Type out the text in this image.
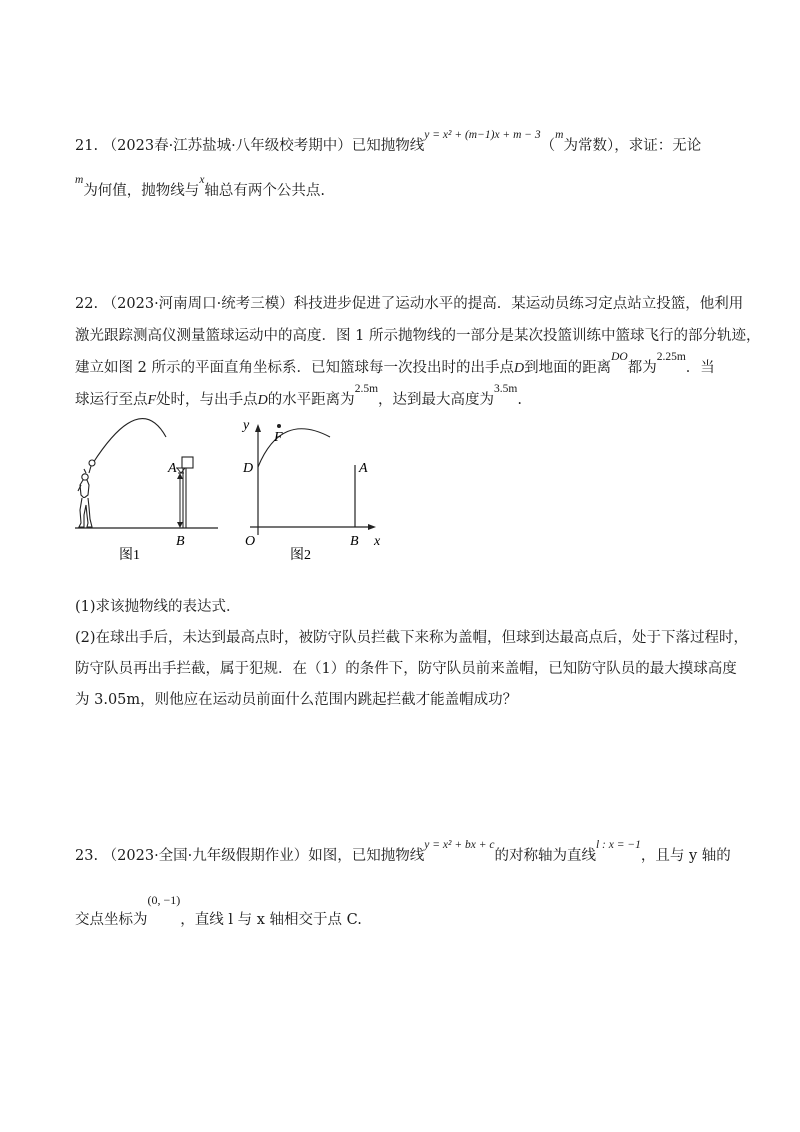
21. （2023春·江苏盐城·八年级校考期中）已知抛物线$^{y = x^2 + (m-1)x + m - 3}$（$^m$为常数），求证：无论
$^m$为何值，抛物线与$^x$轴总有两个公共点.
22. （2023·河南周口·统考三模）科技进步促进了运动水平的提高．某运动员练习定点站立投篮，他利用
激光跟踪测高仪测量篮球运动中的高度．图 1 所示抛物线的一部分是某次投篮训练中篮球飞行的部分轨迹，
建立如图 2 所示的平面直角坐标系．已知篮球每一次投出时的出手点D到地面的距离$^{DO}$都为$^{2.25m}$．当
球运行至点F处时，与出手点D的水平距离为$^{2.5m}$，达到最大高度为$^{3.5m}$.
A
B
图1
y
F
D	A
O	B x
图2
(1)求该抛物线的表达式．
(2)在球出手后，未达到最高点时，被防守队员拦截下来称为盖帽，但球到达最高点后，处于下落过程时，
防守队员再出手拦截，属于犯规．在（1）的条件下，防守队员前来盖帽，已知防守队员的最大摸球高度
为 3.05m，则他应在运动员前面什么范围内跳起拦截才能盖帽成功？
23. （2023·全国·九年级假期作业）如图，已知抛物线$^{y = x^2 + bx + c}$的对称轴为直线$^{l : x = -1}$，且与 y 轴的
交点坐标为$^{(0, -1)}$，直线 l 与 x 轴相交于点 C.
